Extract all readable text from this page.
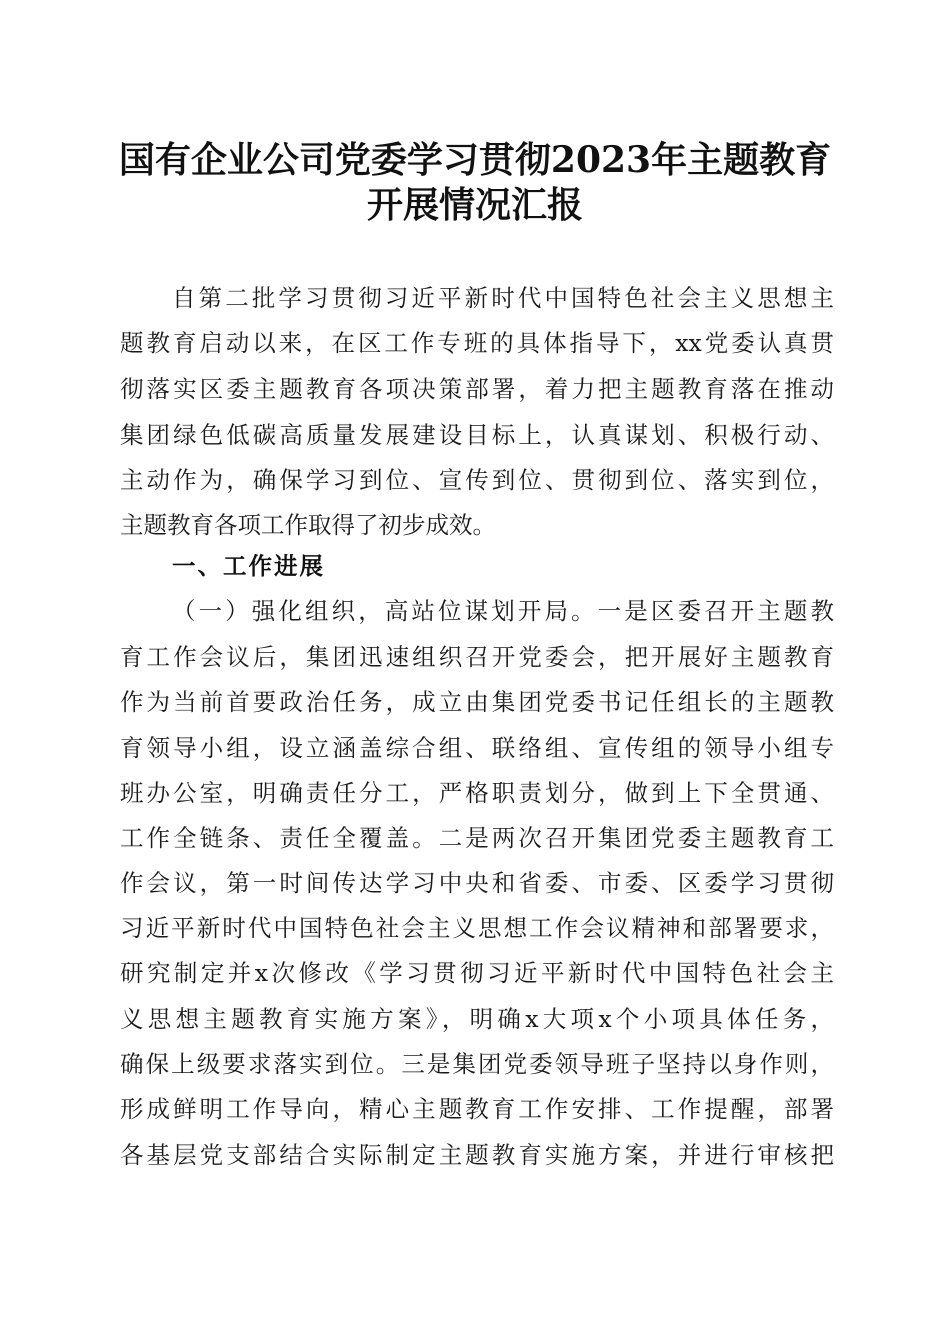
国有企业公司党委学习贯彻2023年主题教育
开展情况汇报
自第二批学习贯彻习近平新时代中国特色社会主义思想主
题教育启动以来，在区工作专班的具体指导下，xx党委认真贯
彻落实区委主题教育各项决策部署，着力把主题教育落在推动
集团绿色低碳高质量发展建设目标上，认真谋划、积极行动、
主动作为，确保学习到位、宣传到位、贯彻到位、落实到位，
主题教育各项工作取得了初步成效。
一、工作进展
（一）强化组织，高站位谋划开局。一是区委召开主题教
育工作会议后，集团迅速组织召开党委会，把开展好主题教育
作为当前首要政治任务，成立由集团党委书记任组长的主题教
育领导小组，设立涵盖综合组、联络组、宣传组的领导小组专
班办公室，明确责任分工，严格职责划分，做到上下全贯通、
工作全链条、责任全覆盖。二是两次召开集团党委主题教育工
作会议，第一时间传达学习中央和省委、市委、区委学习贯彻
习近平新时代中国特色社会主义思想工作会议精神和部署要求，
研究制定并x次修改《学习贯彻习近平新时代中国特色社会主
义思想主题教育实施方案》，明确x大项x个小项具体任务，
确保上级要求落实到位。三是集团党委领导班子坚持以身作则，
形成鲜明工作导向，精心主题教育工作安排、工作提醒，部署
各基层党支部结合实际制定主题教育实施方案，并进行审核把
